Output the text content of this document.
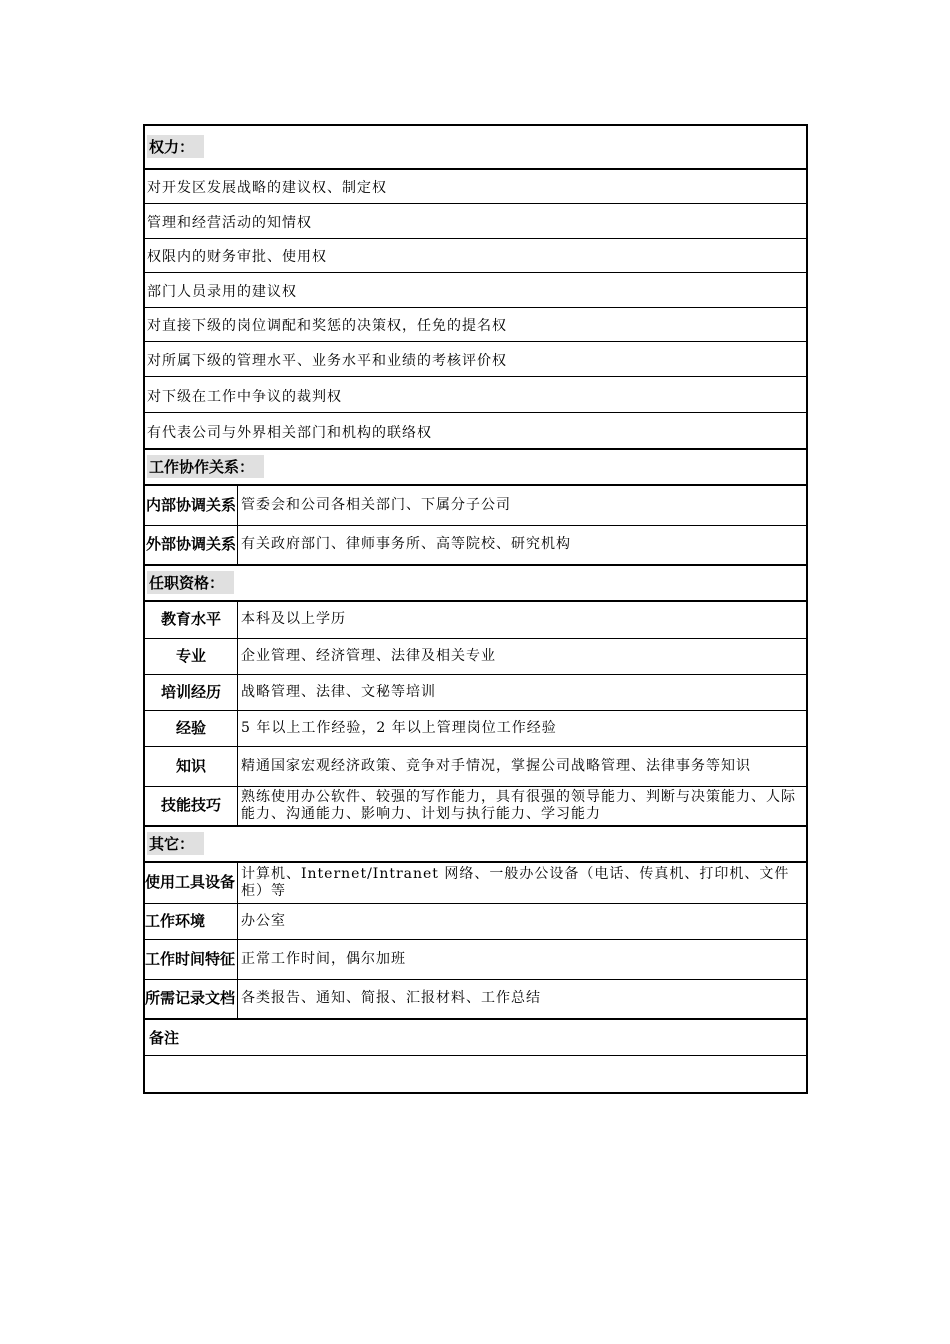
权力：
对开发区发展战略的建议权、制定权
管理和经营活动的知情权
权限内的财务审批、使用权
部门人员录用的建议权
对直接下级的岗位调配和奖惩的决策权，任免的提名权
对所属下级的管理水平、业务水平和业绩的考核评价权
对下级在工作中争议的裁判权
有代表公司与外界相关部门和机构的联络权
工作协作关系：
内部协调关系	管委会和公司各相关部门、下属分子公司
外部协调关系	有关政府部门、律师事务所、高等院校、研究机构
任职资格：
教育水平	本科及以上学历
专业	企业管理、经济管理、法律及相关专业
培训经历	战略管理、法律、文秘等培训
经验	5 年以上工作经验，2 年以上管理岗位工作经验
知识	精通国家宏观经济政策、竞争对手情况，掌握公司战略管理、法律事务等知识
技能技巧	熟练使用办公软件、较强的写作能力，具有很强的领导能力、判断与决策能力、人际能力、沟通能力、影响力、计划与执行能力、学习能力
其它：
使用工具设备	计算机、Internet/Intranet 网络、一般办公设备（电话、传真机、打印机、文件柜）等
工作环境	办公室
工作时间特征	正常工作时间，偶尔加班
所需记录文档	各类报告、通知、简报、汇报材料、工作总结
备注
